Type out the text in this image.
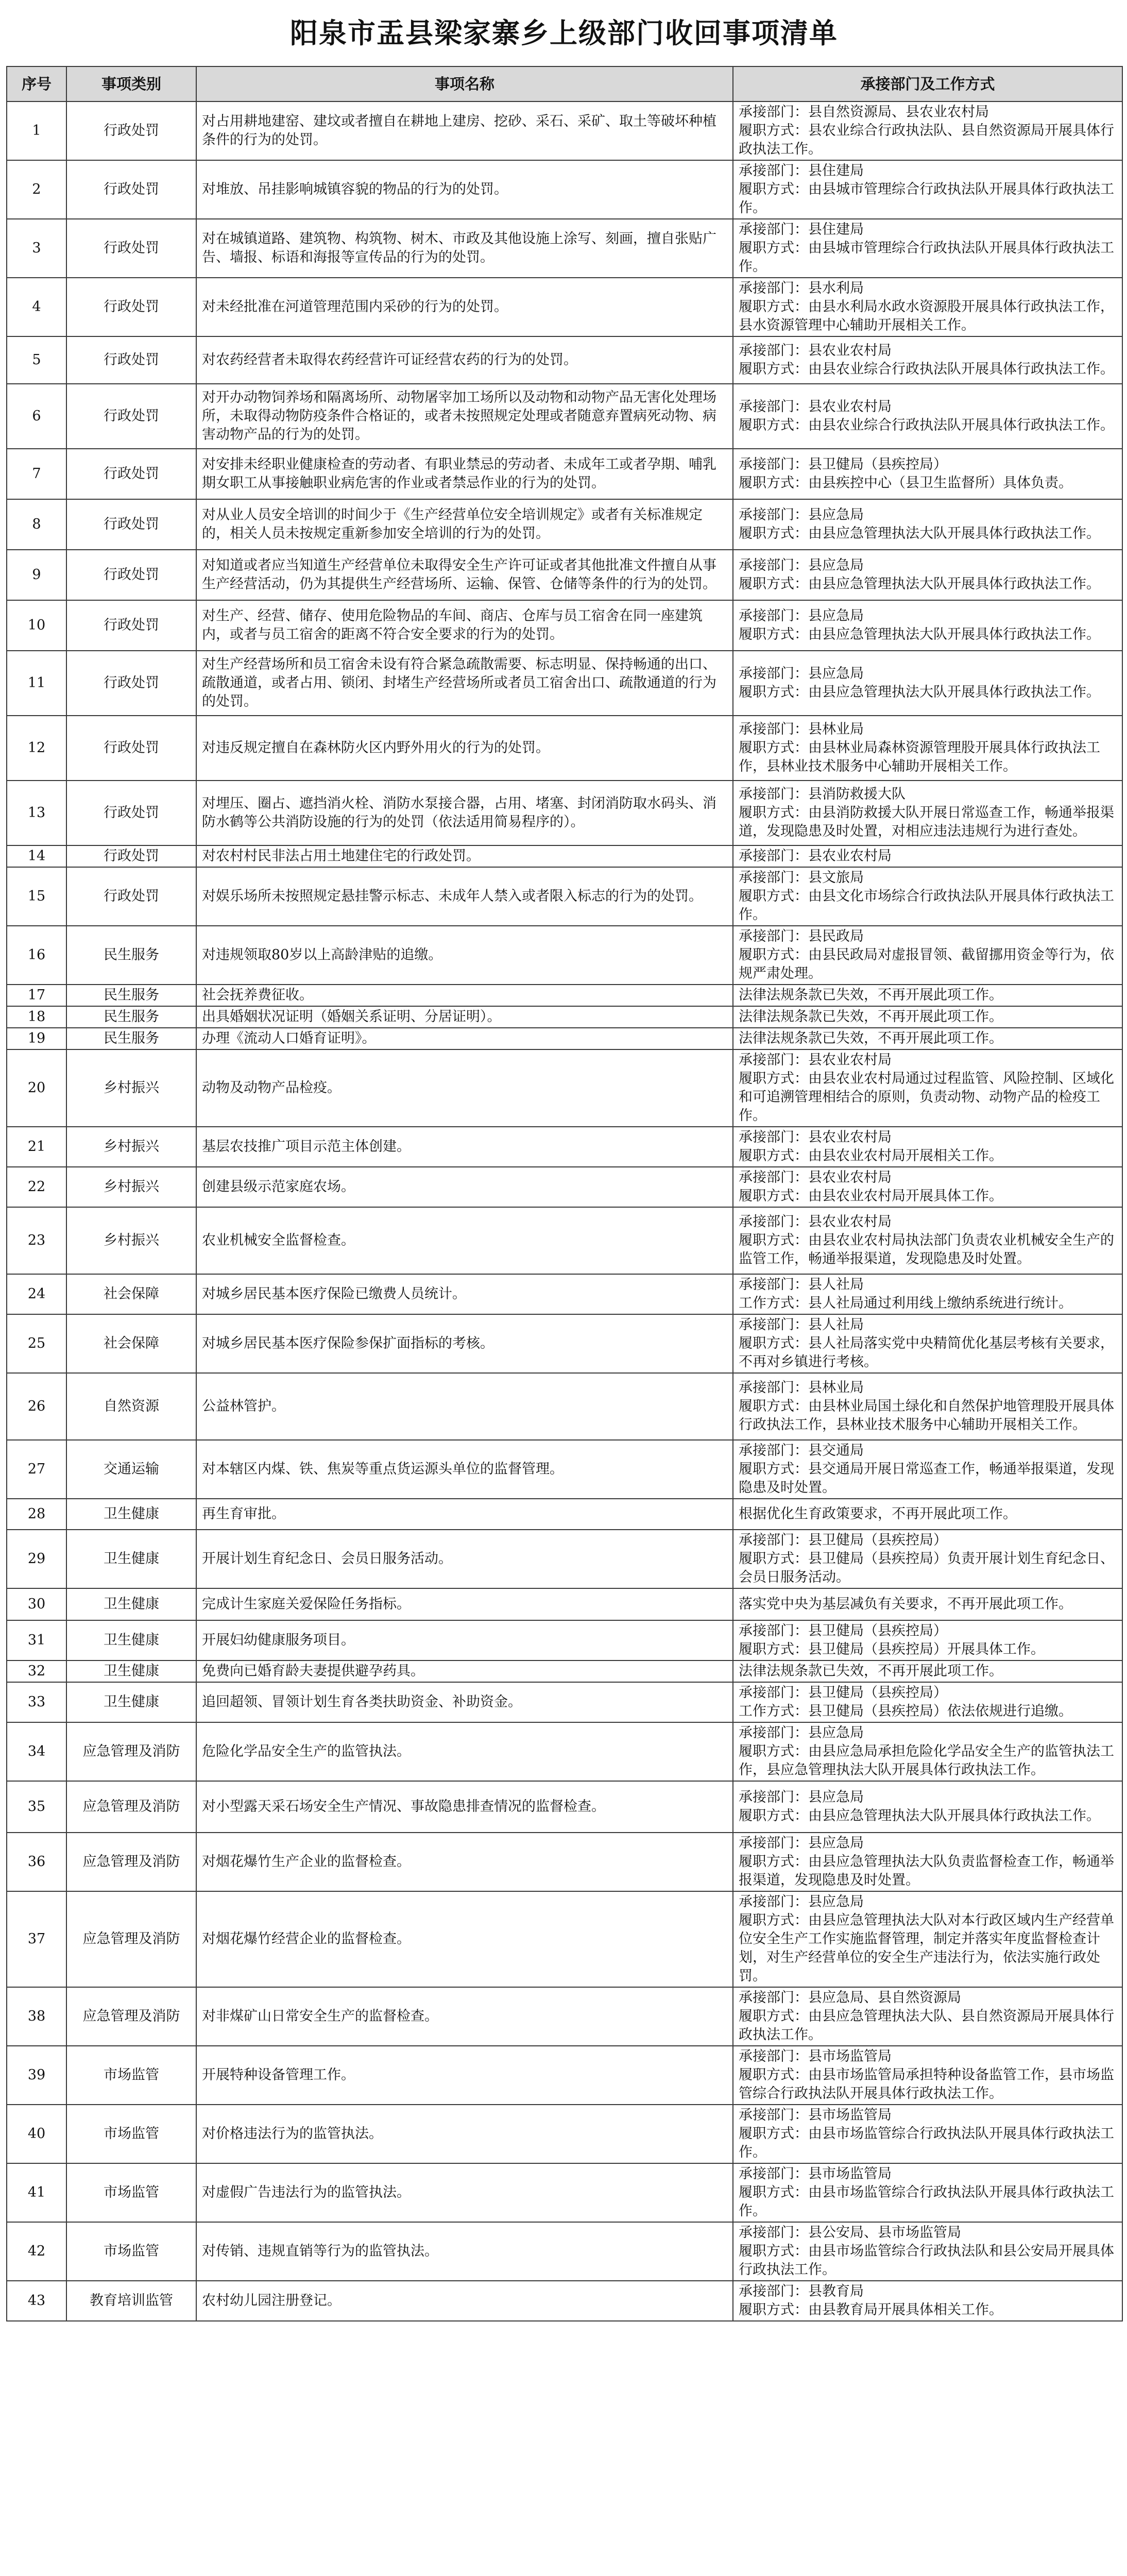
阳泉市盂县梁家寨乡上级部门收回事项清单
序号	事项类别	事项名称	承接部门及工作方式
1	行政处罚	对占用耕地建窑、建坟或者擅自在耕地上建房、挖砂、采石、采矿、取土等破坏种植条件的行为的处罚。	承接部门：县自然资源局、县农业农村局
履职方式：县农业综合行政执法队、县自然资源局开展具体行政执法工作。
2	行政处罚	对堆放、吊挂影响城镇容貌的物品的行为的处罚。	承接部门：县住建局
履职方式：由县城市管理综合行政执法队开展具体行政执法工作。
3	行政处罚	对在城镇道路、建筑物、构筑物、树木、市政及其他设施上涂写、刻画，擅自张贴广告、墙报、标语和海报等宣传品的行为的处罚。	承接部门：县住建局
履职方式：由县城市管理综合行政执法队开展具体行政执法工作。
4	行政处罚	对未经批准在河道管理范围内采砂的行为的处罚。	承接部门：县水利局
履职方式：由县水利局水政水资源股开展具体行政执法工作，县水资源管理中心辅助开展相关工作。
5	行政处罚	对农药经营者未取得农药经营许可证经营农药的行为的处罚。	承接部门：县农业农村局
履职方式：由县农业综合行政执法队开展具体行政执法工作。
6	行政处罚	对开办动物饲养场和隔离场所、动物屠宰加工场所以及动物和动物产品无害化处理场所，未取得动物防疫条件合格证的，或者未按照规定处理或者随意弃置病死动物、病害动物产品的行为的处罚。	承接部门：县农业农村局
履职方式：由县农业综合行政执法队开展具体行政执法工作。
7	行政处罚	对安排未经职业健康检查的劳动者、有职业禁忌的劳动者、未成年工或者孕期、哺乳期女职工从事接触职业病危害的作业或者禁忌作业的行为的处罚。	承接部门：县卫健局（县疾控局）
履职方式：由县疾控中心（县卫生监督所）具体负责。
8	行政处罚	对从业人员安全培训的时间少于《生产经营单位安全培训规定》或者有关标准规定的，相关人员未按规定重新参加安全培训的行为的处罚。	承接部门：县应急局
履职方式：由县应急管理执法大队开展具体行政执法工作。
9	行政处罚	对知道或者应当知道生产经营单位未取得安全生产许可证或者其他批准文件擅自从事生产经营活动，仍为其提供生产经营场所、运输、保管、仓储等条件的行为的处罚。	承接部门：县应急局
履职方式：由县应急管理执法大队开展具体行政执法工作。
10	行政处罚	对生产、经营、储存、使用危险物品的车间、商店、仓库与员工宿舍在同一座建筑内，或者与员工宿舍的距离不符合安全要求的行为的处罚。	承接部门：县应急局
履职方式：由县应急管理执法大队开展具体行政执法工作。
11	行政处罚	对生产经营场所和员工宿舍未设有符合紧急疏散需要、标志明显、保持畅通的出口、疏散通道，或者占用、锁闭、封堵生产经营场所或者员工宿舍出口、疏散通道的行为的处罚。	承接部门：县应急局
履职方式：由县应急管理执法大队开展具体行政执法工作。
12	行政处罚	对违反规定擅自在森林防火区内野外用火的行为的处罚。	承接部门：县林业局
履职方式：由县林业局森林资源管理股开展具体行政执法工作，县林业技术服务中心辅助开展相关工作。
13	行政处罚	对埋压、圈占、遮挡消火栓、消防水泵接合器，占用、堵塞、封闭消防取水码头、消防水鹤等公共消防设施的行为的处罚（依法适用简易程序的）。	承接部门：县消防救援大队
履职方式：由县消防救援大队开展日常巡查工作，畅通举报渠道，发现隐患及时处置，对相应违法违规行为进行查处。
14	行政处罚	对农村村民非法占用土地建住宅的行政处罚。	承接部门：县农业农村局
15	行政处罚	对娱乐场所未按照规定悬挂警示标志、未成年人禁入或者限入标志的行为的处罚。	承接部门：县文旅局
履职方式：由县文化市场综合行政执法队开展具体行政执法工作。
16	民生服务	对违规领取80岁以上高龄津贴的追缴。	承接部门：县民政局
履职方式：由县民政局对虚报冒领、截留挪用资金等行为，依规严肃处理。
17	民生服务	社会抚养费征收。	法律法规条款已失效，不再开展此项工作。
18	民生服务	出具婚姻状况证明（婚姻关系证明、分居证明）。	法律法规条款已失效，不再开展此项工作。
19	民生服务	办理《流动人口婚育证明》。	法律法规条款已失效，不再开展此项工作。
20	乡村振兴	动物及动物产品检疫。	承接部门：县农业农村局
履职方式：由县农业农村局通过过程监管、风险控制、区域化和可追溯管理相结合的原则，负责动物、动物产品的检疫工作。
21	乡村振兴	基层农技推广项目示范主体创建。	承接部门：县农业农村局
履职方式：由县农业农村局开展相关工作。
22	乡村振兴	创建县级示范家庭农场。	承接部门：县农业农村局
履职方式：由县农业农村局开展具体工作。
23	乡村振兴	农业机械安全监督检查。	承接部门：县农业农村局
履职方式：由县农业农村局执法部门负责农业机械安全生产的监管工作，畅通举报渠道，发现隐患及时处置。
24	社会保障	对城乡居民基本医疗保险已缴费人员统计。	承接部门：县人社局
工作方式：县人社局通过利用线上缴纳系统进行统计。
25	社会保障	对城乡居民基本医疗保险参保扩面指标的考核。	承接部门：县人社局
履职方式：县人社局落实党中央精简优化基层考核有关要求，不再对乡镇进行考核。
26	自然资源	公益林管护。	承接部门：县林业局
履职方式：由县林业局国土绿化和自然保护地管理股开展具体行政执法工作，县林业技术服务中心辅助开展相关工作。
27	交通运输	对本辖区内煤、铁、焦炭等重点货运源头单位的监督管理。	承接部门：县交通局
履职方式：县交通局开展日常巡查工作，畅通举报渠道，发现隐患及时处置。
28	卫生健康	再生育审批。	根据优化生育政策要求，不再开展此项工作。
29	卫生健康	开展计划生育纪念日、会员日服务活动。	承接部门：县卫健局（县疾控局）
履职方式：县卫健局（县疾控局）负责开展计划生育纪念日、会员日服务活动。
30	卫生健康	完成计生家庭关爱保险任务指标。	落实党中央为基层减负有关要求，不再开展此项工作。
31	卫生健康	开展妇幼健康服务项目。	承接部门：县卫健局（县疾控局）
履职方式：县卫健局（县疾控局）开展具体工作。
32	卫生健康	免费向已婚育龄夫妻提供避孕药具。	法律法规条款已失效，不再开展此项工作。
33	卫生健康	追回超领、冒领计划生育各类扶助资金、补助资金。	承接部门：县卫健局（县疾控局）
工作方式：县卫健局（县疾控局）依法依规进行追缴。
34	应急管理及消防	危险化学品安全生产的监管执法。	承接部门：县应急局
履职方式：由县应急局承担危险化学品安全生产的监管执法工作，县应急管理执法大队开展具体行政执法工作。
35	应急管理及消防	对小型露天采石场安全生产情况、事故隐患排查情况的监督检查。	承接部门：县应急局
履职方式：由县应急管理执法大队开展具体行政执法工作。
36	应急管理及消防	对烟花爆竹生产企业的监督检查。	承接部门：县应急局
履职方式：由县应急管理执法大队负责监督检查工作，畅通举报渠道，发现隐患及时处置。
37	应急管理及消防	对烟花爆竹经营企业的监督检查。	承接部门：县应急局
履职方式：由县应急管理执法大队对本行政区域内生产经营单位安全生产工作实施监督管理，制定并落实年度监督检查计划，对生产经营单位的安全生产违法行为，依法实施行政处罚。
38	应急管理及消防	对非煤矿山日常安全生产的监督检查。	承接部门：县应急局、县自然资源局
履职方式：由县应急管理执法大队、县自然资源局开展具体行政执法工作。
39	市场监管	开展特种设备管理工作。	承接部门：县市场监管局
履职方式：由县市场监管局承担特种设备监管工作，县市场监管综合行政执法队开展具体行政执法工作。
40	市场监管	对价格违法行为的监管执法。	承接部门：县市场监管局
履职方式：由县市场监管综合行政执法队开展具体行政执法工作。
41	市场监管	对虚假广告违法行为的监管执法。	承接部门：县市场监管局
履职方式：由县市场监管综合行政执法队开展具体行政执法工作。
42	市场监管	对传销、违规直销等行为的监管执法。	承接部门：县公安局、县市场监管局
履职方式：由县市场监管综合行政执法队和县公安局开展具体行政执法工作。
43	教育培训监管	农村幼儿园注册登记。	承接部门：县教育局
履职方式：由县教育局开展具体相关工作。
